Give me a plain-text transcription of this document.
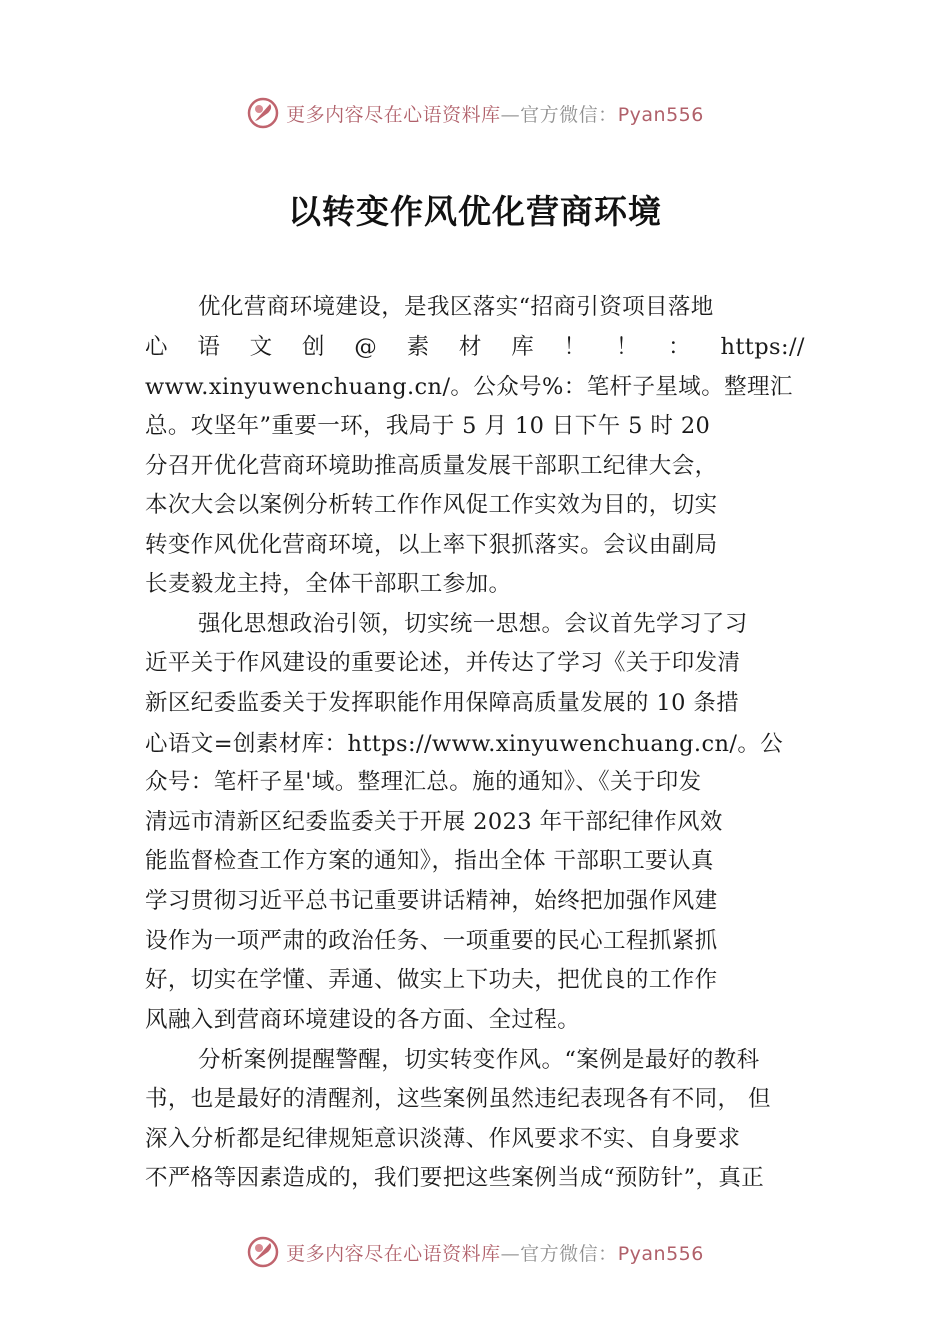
更多内容尽在心语资料库—官方微信：Pyan556
以转变作风优化营商环境
优化营商环境建设，是我区落实“招商引资项目落地
心 语 文 创 @ 素 材 库 ！ ！ ： https://
www.xinyuwenchuang.cn/。公众号%：笔杆子星域。整理汇
总。攻坚年”重要一环，我局于 5 月 10 日下午 5 时 20
分召开优化营商环境助推高质量发展干部职工纪律大会，
本次大会以案例分析转工作作风促工作实效为目的，切实
转变作风优化营商环境，以上率下狠抓落实。会议由副局
长麦毅龙主持，全体干部职工参加。
强化思想政治引领，切实统一思想。会议首先学习了习
近平关于作风建设的重要论述，并传达了学习《关于印发清
新区纪委监委关于发挥职能作用保障高质量发展的 10 条措
心语文=创素材库：https://www.xinyuwenchuang.cn/。公
众号：笔杆子星'域。整理汇总。施的通知》、《关于印发
清远市清新区纪委监委关于开展 2023 年干部纪律作风效
能监督检查工作方案的通知》，指出全体 干部职工要认真
学习贯彻习近平总书记重要讲话精神，始终把加强作风建
设作为一项严肃的政治任务、一项重要的民心工程抓紧抓
好，切实在学懂、弄通、做实上下功夫，把优良的工作作
风融入到营商环境建设的各方面、全过程。
分析案例提醒警醒，切实转变作风。“案例是最好的教科
书，也是最好的清醒剂，这些案例虽然违纪表现各有不同， 但
深入分析都是纪律规矩意识淡薄、作风要求不实、自身要求
不严格等因素造成的，我们要把这些案例当成“预防针”，真正
更多内容尽在心语资料库—官方微信：Pyan556
